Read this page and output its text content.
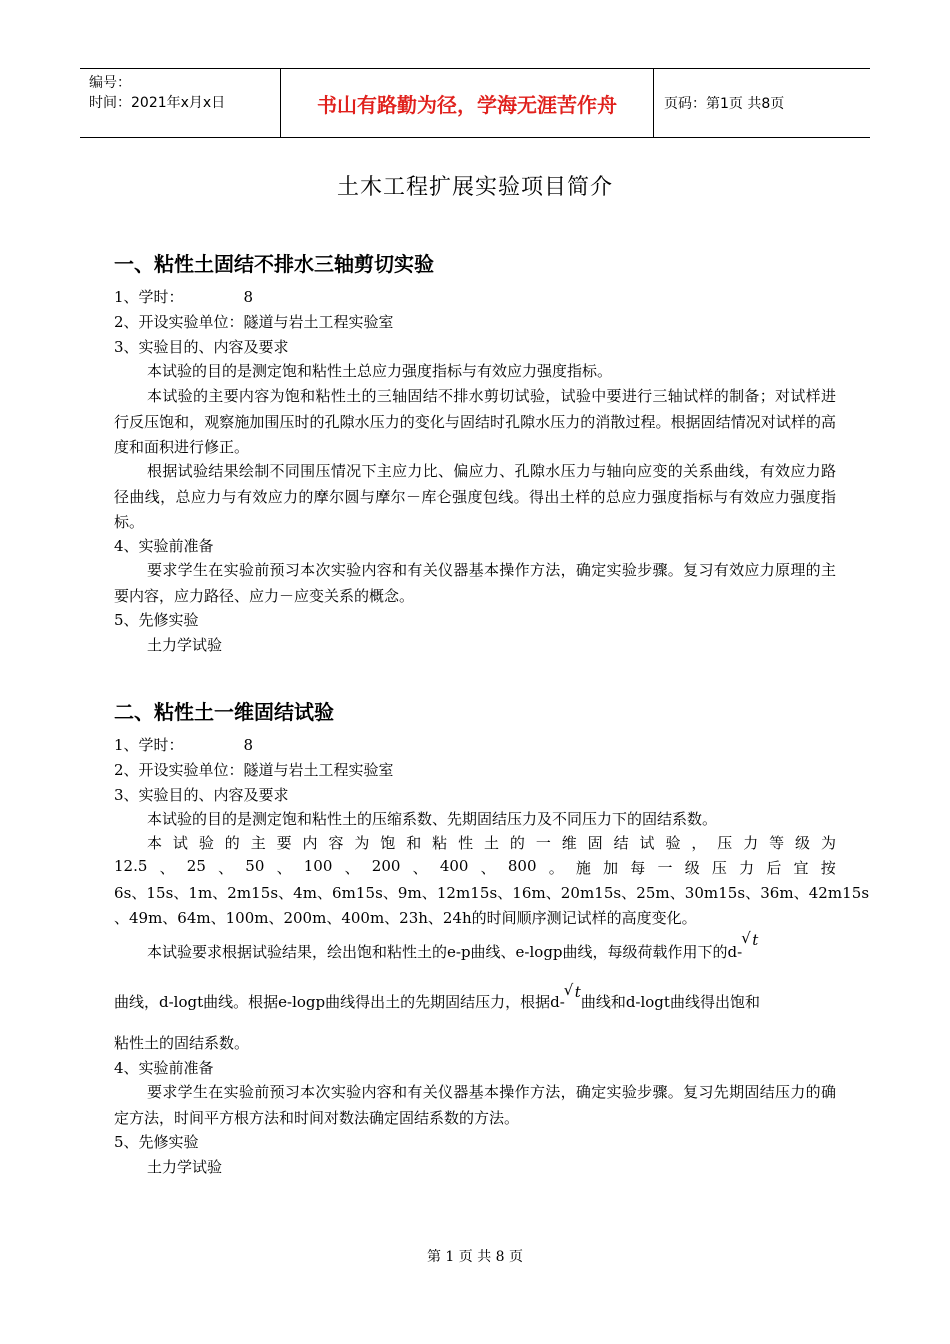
编号：
时间：2021年x月x日	书山有路勤为径，学海无涯苦作舟	页码：第1页 共8页
土木工程扩展实验项目简介
一、粘性土固结不排水三轴剪切实验
1、学时：	8
2、开设实验单位：隧道与岩土工程实验室
3、实验目的、内容及要求
本试验的目的是测定饱和粘性土总应力强度指标与有效应力强度指标。
本试验的主要内容为饱和粘性土的三轴固结不排水剪切试验，试验中要进行三轴试样的制备；对试样进行反压饱和，观察施加围压时的孔隙水压力的变化与固结时孔隙水压力的消散过程。根据固结情况对试样的高度和面积进行修正。
根据试验结果绘制不同围压情况下主应力比、偏应力、孔隙水压力与轴向应变的关系曲线，有效应力路径曲线，总应力与有效应力的摩尔圆与摩尔－库仑强度包线。得出土样的总应力强度指标与有效应力强度指标。
4、实验前准备
要求学生在实验前预习本次实验内容和有关仪器基本操作方法，确定实验步骤。复习有效应力原理的主要内容，应力路径、应力－应变关系的概念。
5、先修实验
土力学试验
二、粘性土一维固结试验
1、学时：	8
2、开设实验单位：隧道与岩土工程实验室
3、实验目的、内容及要求
本试验的目的是测定饱和粘性土的压缩系数、先期固结压力及不同压力下的固结系数。
本 试 验 的 主 要 内 容 为 饱 和 粘 性 土 的 一 维 固 结 试 验 ， 压 力 等 级 为
12.5 、 25 、 50 、 100 、 200 、 400 、 800 。 施 加 每 一 级 压 力 后 宜 按
6s、15s、1m、2m15s、4m、6m15s、9m、12m15s、16m、20m15s、25m、30m15s、36m、42m15s
、49m、64m、100m、200m、400m、23h、24h的时间顺序测记试样的高度变化。
本试验要求根据试验结果，绘出饱和粘性土的e-p曲线、e-logp曲线，每级荷载作用下的d-√ t
曲线，d-logt曲线。根据e-logp曲线得出土的先期固结压力，根据d-√ t曲线和d-logt曲线得出饱和
粘性土的固结系数。
4、实验前准备
要求学生在实验前预习本次实验内容和有关仪器基本操作方法，确定实验步骤。复习先期固结压力的确定方法，时间平方根方法和时间对数法确定固结系数的方法。
5、先修实验
土力学试验
第 1 页 共 8 页
